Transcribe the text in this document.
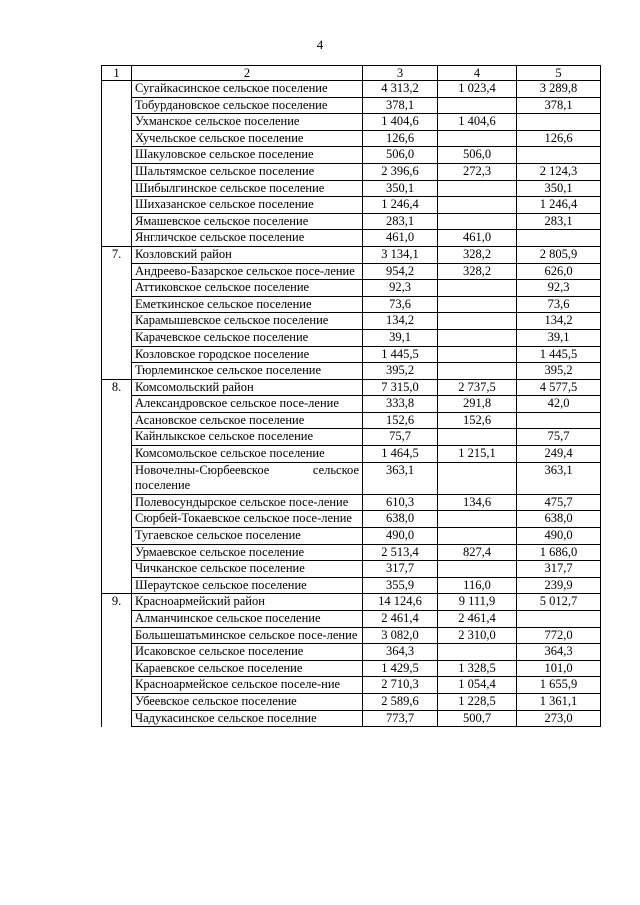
4
1	2	3	4	5
	Сугайкасинское сельское поселение	4 313,2	1 023,4	3 289,8
	Тобурдановское сельское поселение	378,1		378,1
	Ухманское сельское поселение	1 404,6	1 404,6	
	Хучельское сельское поселение	126,6		126,6
	Шакуловское сельское поселение	506,0	506,0	
	Шальтямское сельское поселение	2 396,6	272,3	2 124,3
	Шибылгинское сельское поселение	350,1		350,1
	Шихазанское сельское поселение	1 246,4		1 246,4
	Ямашевское сельское поселение	283,1		283,1
	Янгличское сельское поселение	461,0	461,0	
7.	Козловский район	3 134,1	328,2	2 805,9
	Андреево-Базарское сельское посе-ление	954,2	328,2	626,0
	Аттиковское сельское поселение	92,3		92,3
	Еметкинское сельское поселение	73,6		73,6
	Карамышевское сельское поселение	134,2		134,2
	Карачевское сельское поселение	39,1		39,1
	Козловское городское поселение	1 445,5		1 445,5
	Тюрлеминское сельское поселение	395,2		395,2
8.	Комсомольский район	7 315,0	2 737,5	4 577,5
	Александровское сельское посе-ление	333,8	291,8	42,0
	Асановское сельское поселение	152,6	152,6	
	Кайнлыкское сельское поселение	75,7		75,7
	Комсомольское сельское поселение	1 464,5	1 215,1	249,4
	Новочелны-Сюрбеевское сельское поселение	363,1		363,1
	Полевосундырское сельское посе-ление	610,3	134,6	475,7
	Сюрбей-Токаевское сельское посе-ление	638,0		638,0
	Тугаевское сельское поселение	490,0		490,0
	Урмаевское сельское поселение	2 513,4	827,4	1 686,0
	Чичканское сельское поселение	317,7		317,7
	Шераутское сельское поселение	355,9	116,0	239,9
9.	Красноармейский район	14 124,6	9 111,9	5 012,7
	Алманчинское сельское поселение	2 461,4	2 461,4	
	Большешатьминское сельское посе-ление	3 082,0	2 310,0	772,0
	Исаковское сельское поселение	364,3		364,3
	Караевское сельское поселение	1 429,5	1 328,5	101,0
	Красноармейское сельское поселе-ние	2 710,3	1 054,4	1 655,9
	Убеевское сельское поселение	2 589,6	1 228,5	1 361,1
	Чадукасинское сельское поселние	773,7	500,7	273,0
